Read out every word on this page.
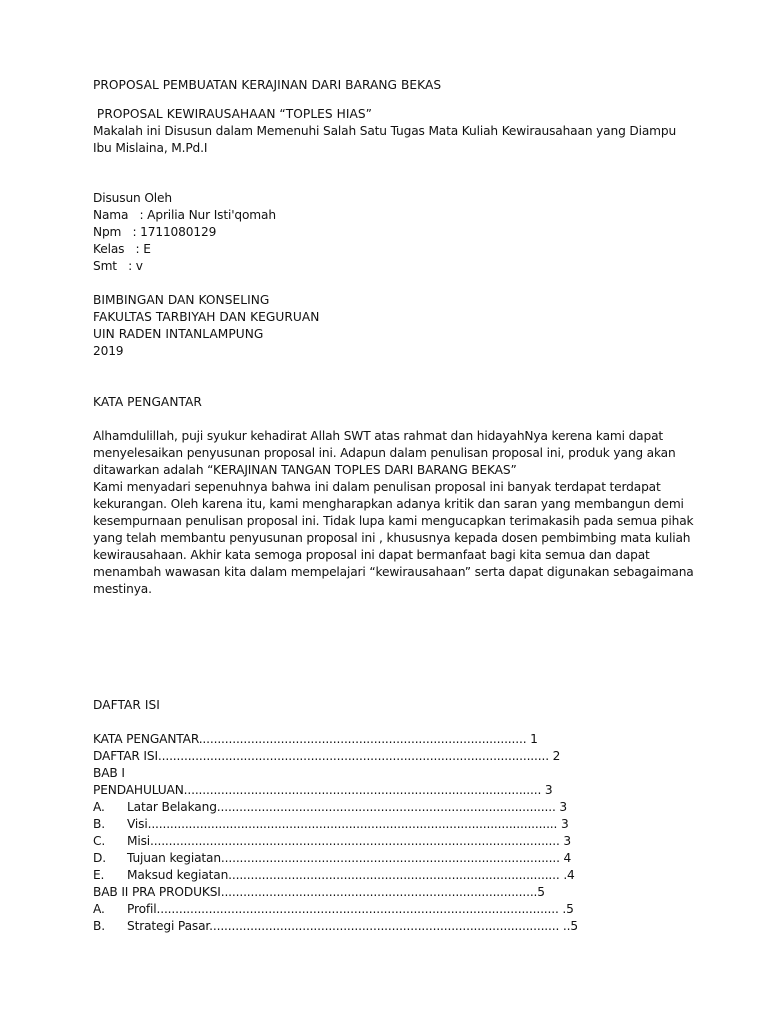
PROPOSAL PEMBUATAN KERAJINAN DARI BARANG BEKAS
PROPOSAL KEWIRAUSAHAAN “TOPLES HIAS”
Makalah ini Disusun dalam Memenuhi Salah Satu Tugas Mata Kuliah Kewirausahaan yang Diampu
Ibu Mislaina, M.Pd.I
Disusun Oleh
Nama   : Aprilia Nur Isti'qomah
Npm   : 1711080129
Kelas   : E
Smt   : v
BIMBINGAN DAN KONSELING
FAKULTAS TARBIYAH DAN KEGURUAN
UIN RADEN INTANLAMPUNG
2019
KATA PENGANTAR
Alhamdulillah, puji syukur kehadirat Allah SWT atas rahmat dan hidayahNya kerena kami dapat
menyelesaikan penyusunan proposal ini. Adapun dalam penulisan proposal ini, produk yang akan
ditawarkan adalah “KERAJINAN TANGAN TOPLES DARI BARANG BEKAS”
Kami menyadari sepenuhnya bahwa ini dalam penulisan proposal ini banyak terdapat terdapat
kekurangan. Oleh karena itu, kami mengharapkan adanya kritik dan saran yang membangun demi
kesempurnaan penulisan proposal ini. Tidak lupa kami mengucapkan terimakasih pada semua pihak
yang telah membantu penyusunan proposal ini , khususnya kepada dosen pembimbing mata kuliah
kewirausahaan. Akhir kata semoga proposal ini dapat bermanfaat bagi kita semua dan dapat
menambah wawasan kita dalam mempelajari “kewirausahaan” serta dapat digunakan sebagaimana
mestinya.
DAFTAR ISI
KATA PENGANTAR........................................................................................ 1
DAFTAR ISI......................................................................................................... 2
BAB I
PENDAHULUAN................................................................................................ 3
A. Latar Belakang........................................................................................... 3
B. Visi.............................................................................................................. 3
C. Misi.............................................................................................................. 3
D. Tujuan kegiatan........................................................................................... 4
E. Maksud kegiatan......................................................................................... .4
BAB II PRA PRODUKSI.....................................................................................5
A. Profil............................................................................................................ .5
B. Strategi Pasar.............................................................................................. ..5
